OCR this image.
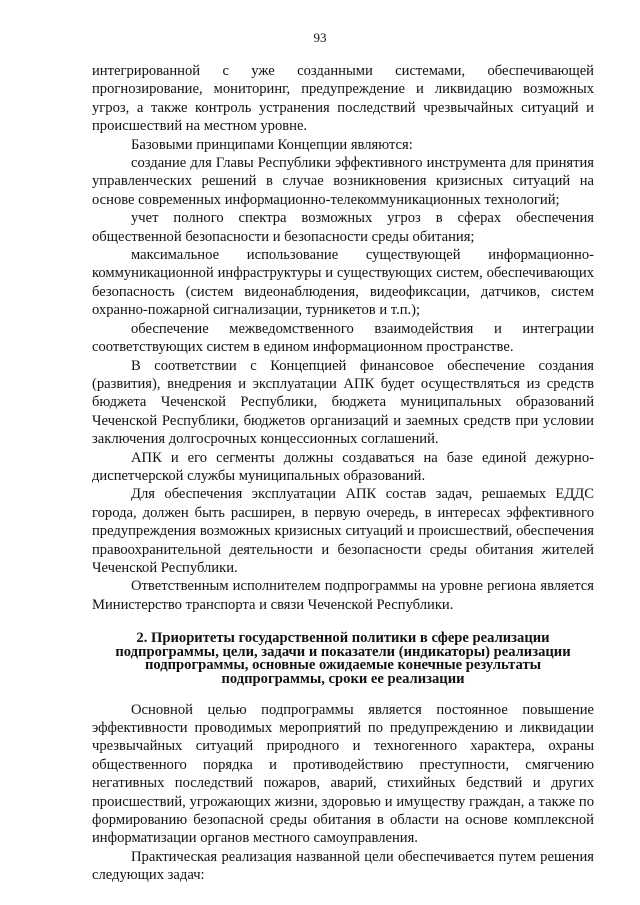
93

интегрированной с уже созданными системами, обеспечивающей прогнозирование, мониторинг, предупреждение и ликвидацию возможных угроз, а также контроль устранения последствий чрезвычайных ситуаций и происшествий на местном уровне.

Базовыми принципами Концепции являются:

создание для Главы Республики эффективного инструмента для принятия управленческих решений в случае возникновения кризисных ситуаций на основе современных информационно-телекоммуникационных технологий;

учет полного спектра возможных угроз в сферах обеспечения общественной безопасности и безопасности среды обитания;

максимальное использование существующей информационно-коммуникационной инфраструктуры и существующих систем, обеспечивающих безопасность (систем видеонаблюдения, видеофиксации, датчиков, систем охранно-пожарной сигнализации, турникетов и т.п.);

обеспечение межведомственного взаимодействия и интеграции соответствующих систем в едином информационном пространстве.

В соответствии с Концепцией финансовое обеспечение создания (развития), внедрения и эксплуатации АПК будет осуществляться из средств бюджета Чеченской Республики, бюджета муниципальных образований Чеченской Республики, бюджетов организаций и заемных средств при условии заключения долгосрочных концессионных соглашений.

АПК и его сегменты должны создаваться на базе единой дежурно-диспетчерской службы муниципальных образований.

Для обеспечения эксплуатации АПК состав задач, решаемых ЕДДС города, должен быть расширен, в первую очередь, в интересах эффективного предупреждения возможных кризисных ситуаций и происшествий, обеспечения правоохранительной деятельности и безопасности среды обитания жителей Чеченской Республики.

Ответственным исполнителем подпрограммы на уровне региона является Министерство транспорта и связи Чеченской Республики.

2. Приоритеты государственной политики в сфере реализации подпрограммы, цели, задачи и показатели (индикаторы) реализации подпрограммы, основные ожидаемые конечные результаты подпрограммы, сроки ее реализации

Основной целью подпрограммы является постоянное повышение эффективности проводимых мероприятий по предупреждению и ликвидации чрезвычайных ситуаций природного и техногенного характера, охраны общественного порядка и противодействию преступности, смягчению негативных последствий пожаров, аварий, стихийных бедствий и других происшествий, угрожающих жизни, здоровью и имуществу граждан, а также по формированию безопасной среды обитания в области на основе комплексной информатизации органов местного самоуправления.

Практическая реализация названной цели обеспечивается путем решения следующих задач:
